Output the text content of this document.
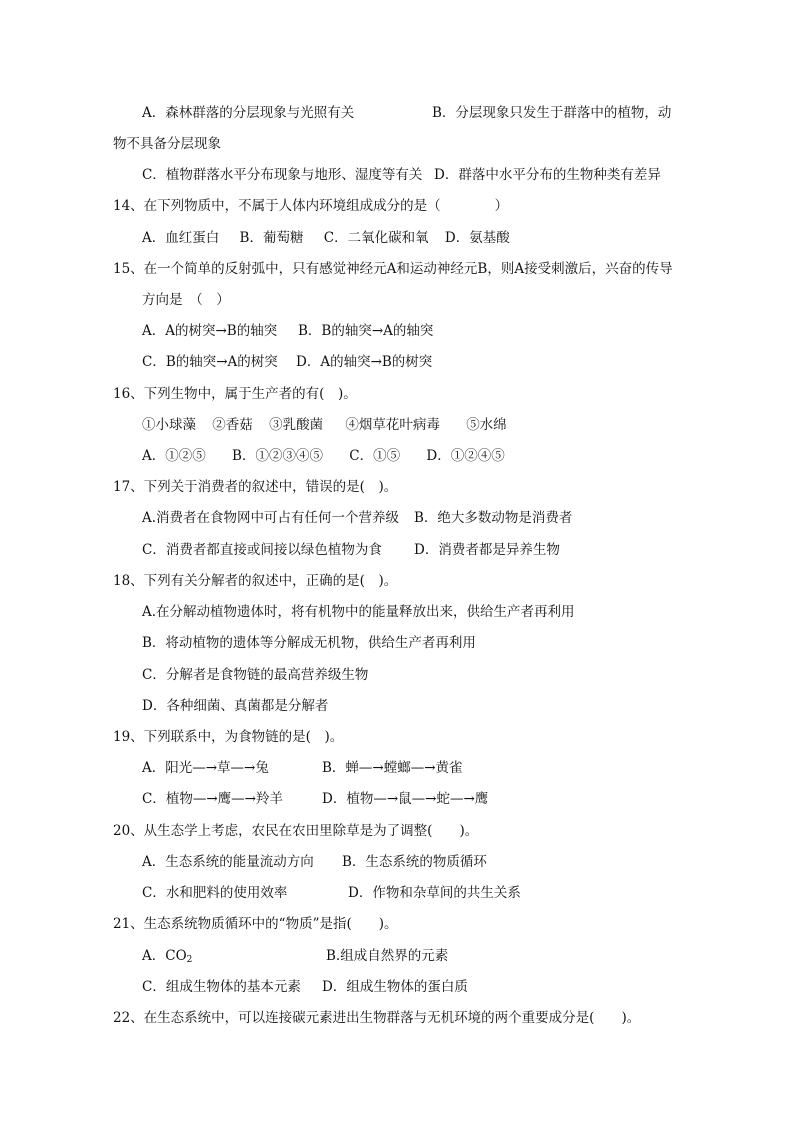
A．森林群落的分层现象与光照有关	B．分层现象只发生于群落中的植物，动
物不具备分层现象
C．植物群落水平分布现象与地形、湿度等有关 D．群落中水平分布的生物种类有差异
14、在下列物质中，不属于人体内环境组成成分的是（　　　　）
A．血红蛋白 B．葡萄糖 C．二氧化碳和氧 D．氨基酸
15、在一个简单的反射弧中，只有感觉神经元A和运动神经元B，则A接受刺激后，兴奋的传导
方向是　（　）
A．A的树突→B的轴突 B．B的轴突→A的轴突
C．B的轴突→A的树突 D．A的轴突→B的树突
16、下列生物中，属于生产者的有(　)。
①小球藻 ②香菇 ③乳酸菌 ④烟草花叶病毒 ⑤水绵
A．①②⑤ B．①②③④⑤ C．①⑤ D．①②④⑤
17、下列关于消费者的叙述中，错误的是(　)。
A.消费者在食物网中可占有任何一个营养级 B．绝大多数动物是消费者
C．消费者都直接或间接以绿色植物为食 D．消费者都是异养生物
18、下列有关分解者的叙述中，正确的是(　)。
A.在分解动植物遗体时，将有机物中的能量释放出来，供给生产者再利用
B．将动植物的遗体等分解成无机物，供给生产者再利用
C．分解者是食物链的最高营养级生物
D．各种细菌、真菌都是分解者
19、下列联系中，为食物链的是(　)。
A．阳光—→草—→兔	B．蝉—→螳螂—→黄雀
C．植物—→鹰—→羚羊	D．植物—→鼠—→蛇—→鹰
20、从生态学上考虑，农民在农田里除草是为了调整(　　)。
A．生态系统的能量流动方向 B．生态系统的物质循环
C．水和肥料的使用效率	D．作物和杂草间的共生关系
21、生态系统物质循环中的“物质”是指(　　)。
A．$CO_2$	B.组成自然界的元素
C．组成生物体的基本元素 D．组成生物体的蛋白质
22、在生态系统中，可以连接碳元素进出生物群落与无机环境的两个重要成分是(　　)。
